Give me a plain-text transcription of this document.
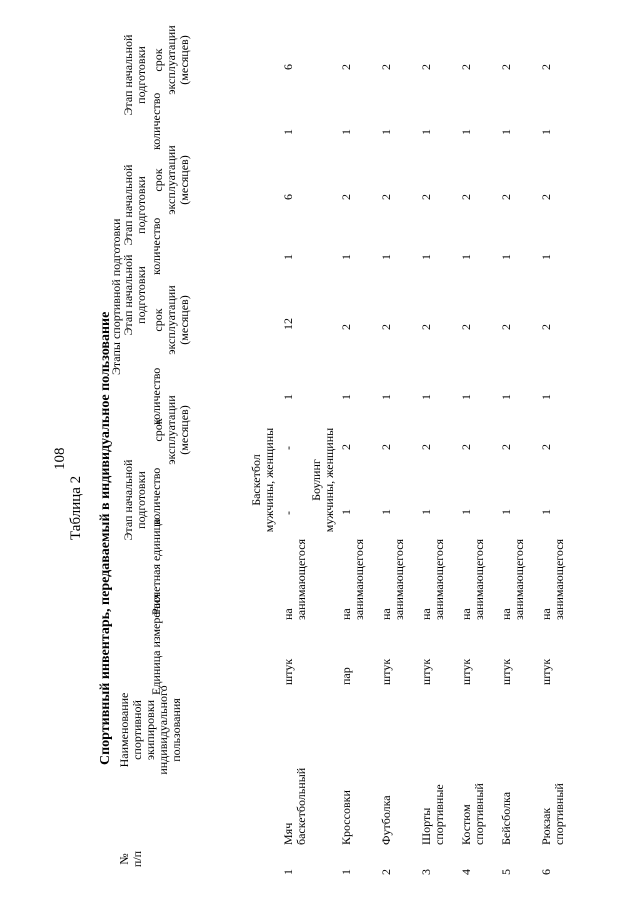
108
Таблица 2 Спортивный инвентарь, передаваемый в индивидуальное пользование
№ п/п
Наименование спортивной экипировки индивидуального пользования
Единица измерения
Расчетная единица
Этапы спортивной подготовки
Этап начальной подготовки количество
срок эксплуатации (месяцев)
Этап начальной подготовки
количество
срок эксплуатации (месяцев)
Этап начальной подготовки
количество
срок эксплуатации (месяцев)
Этап начальной подготовки
количество
срок эксплуатации (месяцев)
Баскетбол мужчины, женщины	Боулинг мужчины, женщины
1
Мяч баскетбольный
штук
на занимающегося
-
-
1
12
1
6
1
6
1
Кроссовки
пар
на занимающегося
1
2
1
2
1
2
1
2
2
Футболка
штук
на занимающегося
1
2
1
2
1
2
1
2
3
Шорты спортивные
штук
на занимающегося
1
2
1
2
1
2
1
2
4
Костюм спортивный
штук
на занимающегося
1
2
1
2
1
2
1
2
5
Бейсболка
штук
на занимающегося
1
2
1
2
1
2
1
2
6
Рюкзак спортивный
штук
на занимающегося
1
2
1
2
1
2
1
2
